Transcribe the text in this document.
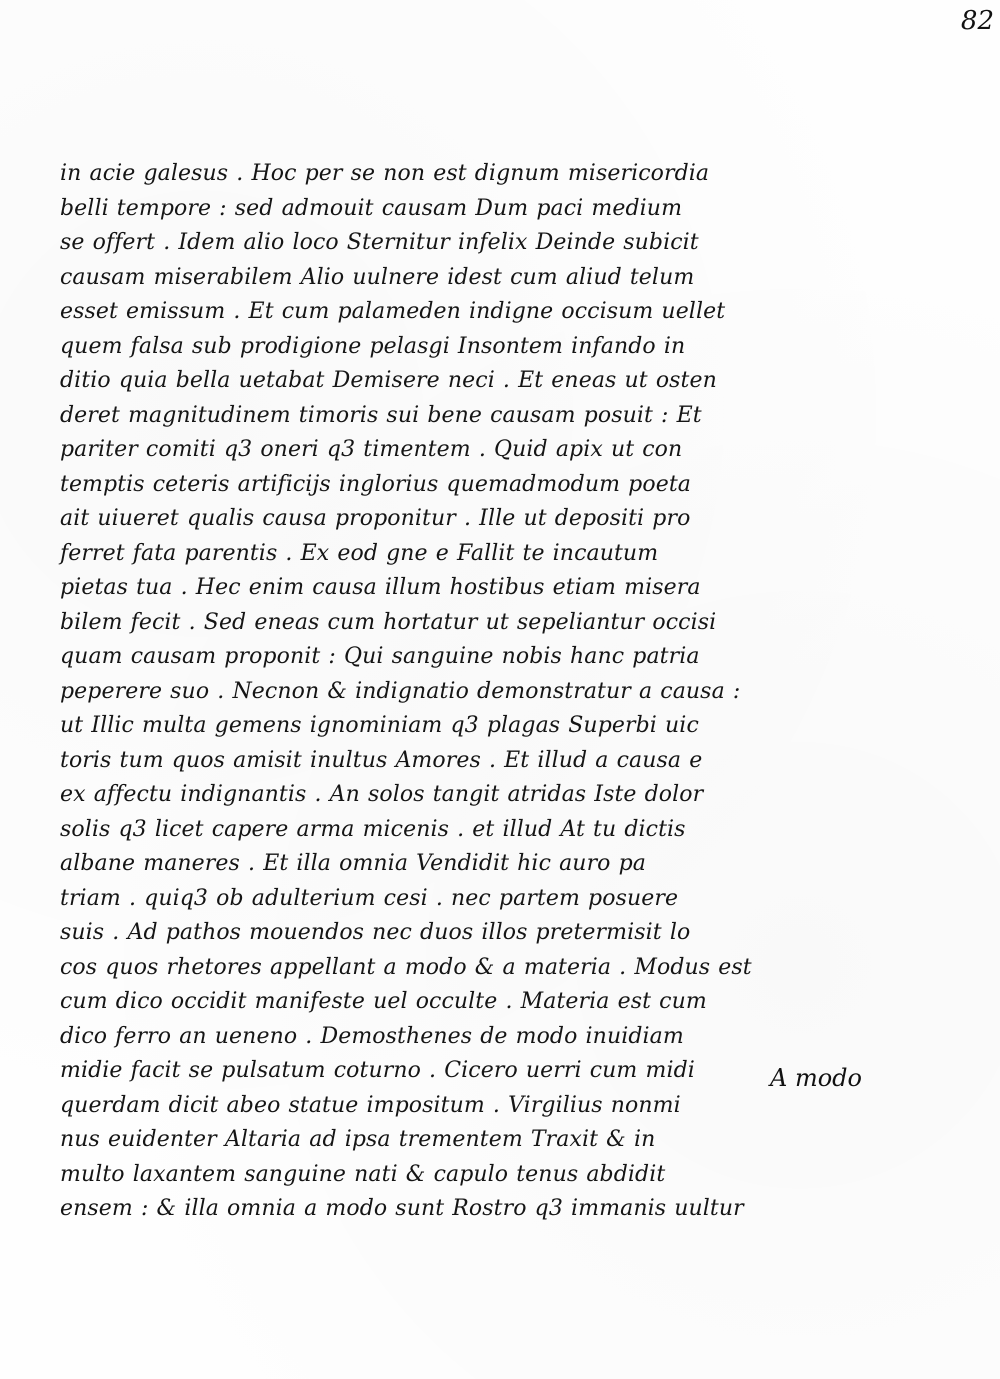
82
in acie galesus . Hoc per se non est dignum misericordia
belli tempore : sed admouit causam Dum paci medium
se offert . Idem alio loco Sternitur infelix Deinde subicit
causam miserabilem Alio uulnere idest cum aliud telum
esset emissum . Et cum palameden indigne occisum uellet
quem falsa sub prodigione pelasgi Insontem infando in
ditio quia bella uetabat Demisere neci . Et eneas ut osten
deret magnitudinem timoris sui bene causam posuit : Et
pariter comiti q3 oneri q3 timentem . Quid apix ut con
temptis ceteris artificijs inglorius quemadmodum poeta
ait uiueret qualis causa proponitur . Ille ut depositi pro
ferret fata parentis . Ex eod gne e Fallit te incautum
pietas tua . Hec enim causa illum hostibus etiam misera
bilem fecit . Sed eneas cum hortatur ut sepeliantur occisi
quam causam proponit : Qui sanguine nobis hanc patria
peperere suo . Necnon & indignatio demonstratur a causa :
ut Illic multa gemens ignominiam q3 plagas Superbi uic
toris tum quos amisit inultus Amores . Et illud a causa e
ex affectu indignantis . An solos tangit atridas Iste dolor
solis q3 licet capere arma micenis . et illud At tu dictis
albane maneres . Et illa omnia Vendidit hic auro pa
triam . quiq3 ob adulterium cesi . nec partem posuere
suis . Ad pathos mouendos nec duos illos pretermisit lo
cos quos rhetores appellant a modo & a materia . Modus est
cum dico occidit manifeste uel occulte . Materia est cum
dico ferro an ueneno . Demosthenes de modo inuidiam
midie facit se pulsatum coturno . Cicero uerri cum midi
querdam dicit abeo statue impositum . Virgilius nonmi
nus euidenter Altaria ad ipsa trementem Traxit & in
multo laxantem sanguine nati & capulo tenus abdidit
ensem : & illa omnia a modo sunt Rostro q3 immanis uultur
A modo
